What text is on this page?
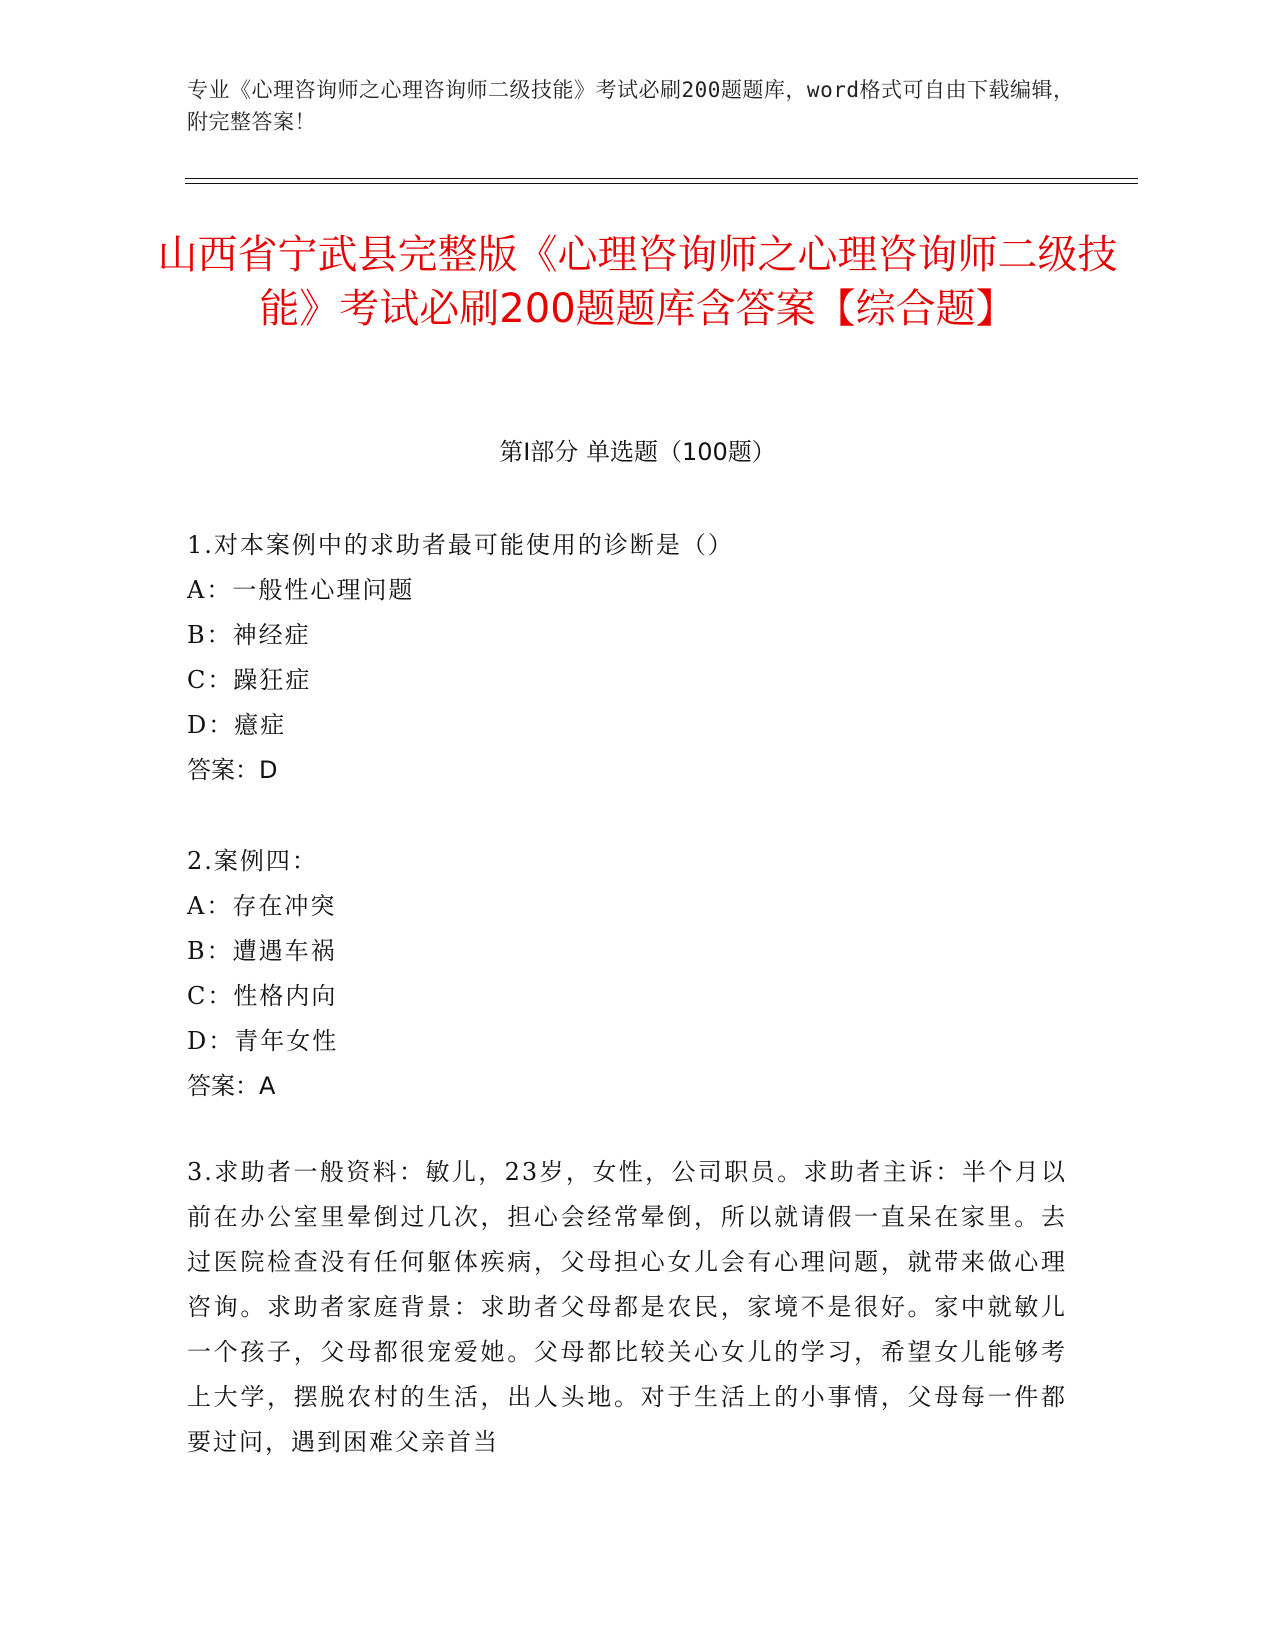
专业《心理咨询师之心理咨询师二级技能》考试必刷200题题库，word格式可自由下载编辑，附完整答案！
山西省宁武县完整版《心理咨询师之心理咨询师二级技能》考试必刷200题题库含答案【综合题】
第Ⅰ部分 单选题（100题）
1.对本案例中的求助者最可能使用的诊断是（）
A：一般性心理问题
B：神经症
C：躁狂症
D：癔症
答案：D
2.案例四：
A：存在冲突
B：遭遇车祸
C：性格内向
D：青年女性
答案：A
3.求助者一般资料：敏儿，23岁，女性，公司职员。求助者主诉：半个月以前在办公室里晕倒过几次，担心会经常晕倒，所以就请假一直呆在家里。去过医院检查没有任何躯体疾病，父母担心女儿会有心理问题，就带来做心理咨询。求助者家庭背景：求助者父母都是农民，家境不是很好。家中就敏儿一个孩子，父母都很宠爱她。父母都比较关心女儿的学习，希望女儿能够考上大学，摆脱农村的生活，出人头地。对于生活上的小事情，父母每一件都要过问，遇到困难父亲首当
